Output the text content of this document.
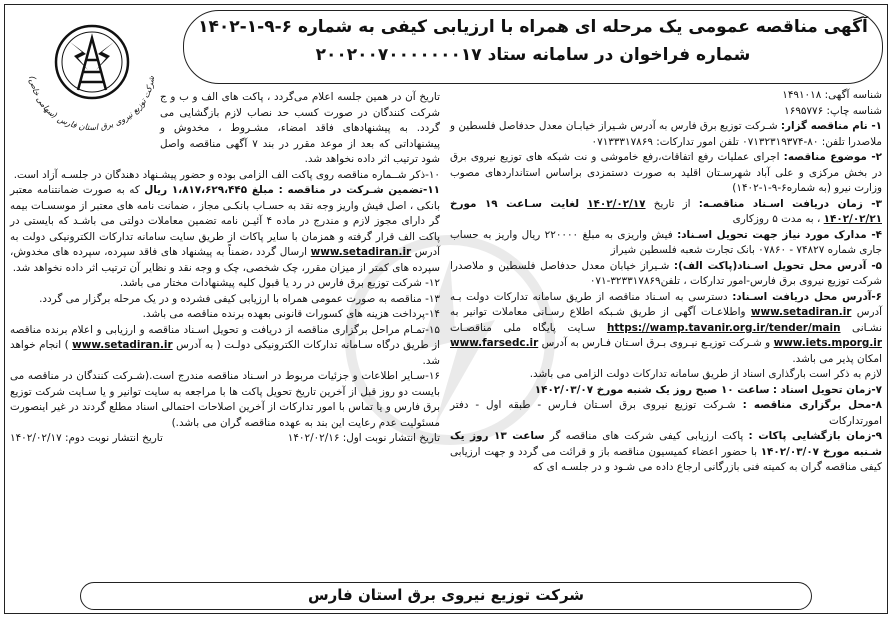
آگهی مناقصه عمومی یک مرحله ای همراه با ارزیابی کیفی به شماره ۶-۹-۱-۱۴۰۲
شماره فراخوان در سامانه ستاد ۲۰۰۲۰۰۷۰۰۰۰۰۰۰۱۷
شرکت توزیع نیروی برق استان فارس (سهامی خاص)

شناسه آگهی: ۱۴۹۱۰۱۸

شناسه چاپ: ۱۶۹۵۷۷۶

۱- نام مناقصه گزار: شـرکت توزیع برق فارس به آدرس شـیراز خیابـان معدل حدفاصل فلسطین و ملاصدرا تلفن: ۸۰-۰۷۱۳۲۳۱۹۳۷۴ تلفن امور تدارکات: ۰۷۱۳۳۳۱۷۸۶۹

۲- موضوع مناقصه: اجرای عملیات رفع اتفاقات،رفع خاموشی و نت شبکه های توزیع نیروی برق در بخش مرکزی و علی آباد شهرسـتان اقلید به صورت دستمزدی براساس استانداردهای مصوب وزارت نیرو (به شماره۶-۹-۱-۱۴۰۲)

۳- زمان دریافت اسـناد مناقصـه: از تاریخ ۱۴۰۲/۰۲/۱۷ لغایت سـاعت ۱۹ مورخ ۱۴۰۲/۰۲/۲۱ ، به مدت ۵ روزکاری

۴- مدارک مورد نیاز جهت تحویل اسـناد: فیش واریزی به مبلغ ۲۲۰۰۰۰ ریال واریز به حساب جاری شماره ۷۴۸۲۷ - ۰۷۸۶۰ بانک تجارت شعبه فلسطین شیراز

۵- آدرس محل تحویل اسـناد(پاکت الف): شـیراز خیابان معدل حدفاصل فلسطین و ملاصدرا شرکت توزیع نیروی برق فارس-امور تدارکات ، تلفن۳۲۳۳۱۷۸۶۹-۰۷۱

۶-آدرس محل دریافت اسـناد: دسترسی به اسـناد مناقصه از طریق سامانه تدارکات دولت بـه آدرس www.setadiran.ir واطلاعـات آگهی از طریق شـبکه اطلاع رسـانی معاملات توانیر به نشـانی https://wamp.tavanir.org.ir/tender/main سـایت پایگاه ملی مناقصـات www.iets.mporg.ir و شـرکت توزیـع نیـروی بـرق اسـتان فـارس به آدرس www.farsedc.ir امکان پذیر می باشد.

لازم به ذکر است بارگذاری اسناد از طریق سامانه تدارکات دولت الزامی می باشد.

۷-زمان تحویل اسناد : ساعت ۱۰ صبح روز یک شنبه مورخ ۱۴۰۲/۰۳/۰۷

۸-محل برگزاری مناقصه : شـرکت توزیع نیروی برق اسـتان فـارس - طبقه اول - دفتر امورتدارکات

۹-زمان بازگشایی پاکات : پاکت ارزیابی کیفی شرکت های مناقصه گر ساعت ۱۳ روز یک شـنبه مورخ ۱۴۰۲/۰۳/۰۷ با حضور اعضاء کمیسیون مناقصه باز و قرائت می گردد و جهت ارزیابی کیفی مناقصه گران به کمیته فنی بازرگانی ارجاع داده می شـود و در جلسـه ای که

تاریخ آن در همین جلسه اعلام می‌گردد ، پاکت های الف و ب و ج شرکت کنندگان در صورت کسب حد نصاب لازم بازگشایی می گردد. به پیشنهادهای فاقد امضاء، مشـروط ، مخدوش و پیشنهاداتی که بعد از موعد مقرر در بند ۷ آگهی مناقصه واصل شود ترتیب اثر داده نخواهد شد.

۱۰-ذکر شــماره مناقصه روی پاکت الف الزامی بوده و حضور پیشـنهاد دهندگان در جلسـه آزاد است.

۱۱-تضمین شـرکت در مناقصه : مبلغ ۱،۸۱۷،۶۲۹،۴۴۵ ریال که به صورت ضمانتنامه معتبر بانکی ، اصل فیش واریز وجه نقد به حسـاب بانکـی مجاز ، ضمانت نامه های معتبر از موسسـات بیمه گر دارای مجوز لازم و مندرج در ماده ۴ آئیـن نامه تضمین معاملات دولتی می باشـد که بایستی در پاکت الف قرار گرفته و همزمان با سایر پاکات از طریق سایت سامانه تدارکات الکترونیکی دولت به آدرس www.setadiran.ir ارسال گردد ،ضمناً به پیشنهاد های فاقد سپرده، سپرده های مخدوش، سپرده های کمتر از میزان مقرر، چک شخصی، چک و وجه نقد و نظایر آن ترتیب اثر داده نخواهد شد.

۱۲- شرکت توزیع برق فارس در رد یا قبول کلیه پیشنهادات مختار می باشد.

۱۳- مناقصه به صورت عمومی همراه با ارزیابی کیفی فشرده و در یک مرحله برگزار می گردد.

۱۴-پرداخت هزینه های کسورات قانونی بعهده برنده مناقصه می باشد.

۱۵-تمـام مراحل برگزاری مناقصه از دریافت و تحویل اسـناد مناقصه و ارزیابی و اعلام برنده مناقصه از طریق درگاه سـامانه تدارکات الکترونیکی دولـت ( به آدرس www.setadiran.ir ) انجام خواهد شد.

۱۶-سـایر اطلاعات و جزئیات مربوط در اسـناد مناقصه مندرج است.(شـرکت کنندگان در مناقصه می بایست دو روز قبل از آخرین تاریخ تحویل پاکت ها با مراجعه به سایت توانیر و یا سـایت شرکت توزیع برق فارس و یا تماس با امور تدارکات از آخرین اصلاحات احتمالی اسناد مطلع گردند در غیر اینصورت مسئولیت عدم رعایت این بند به عهده مناقصه گران می باشد.)

تاریخ انتشار نوبت اول: ۱۴۰۲/۰۲/۱۶
تاریخ انتشار نوبت دوم: ۱۴۰۲/۰۲/۱۷
شرکت توزیع نیروی برق استان فارس
